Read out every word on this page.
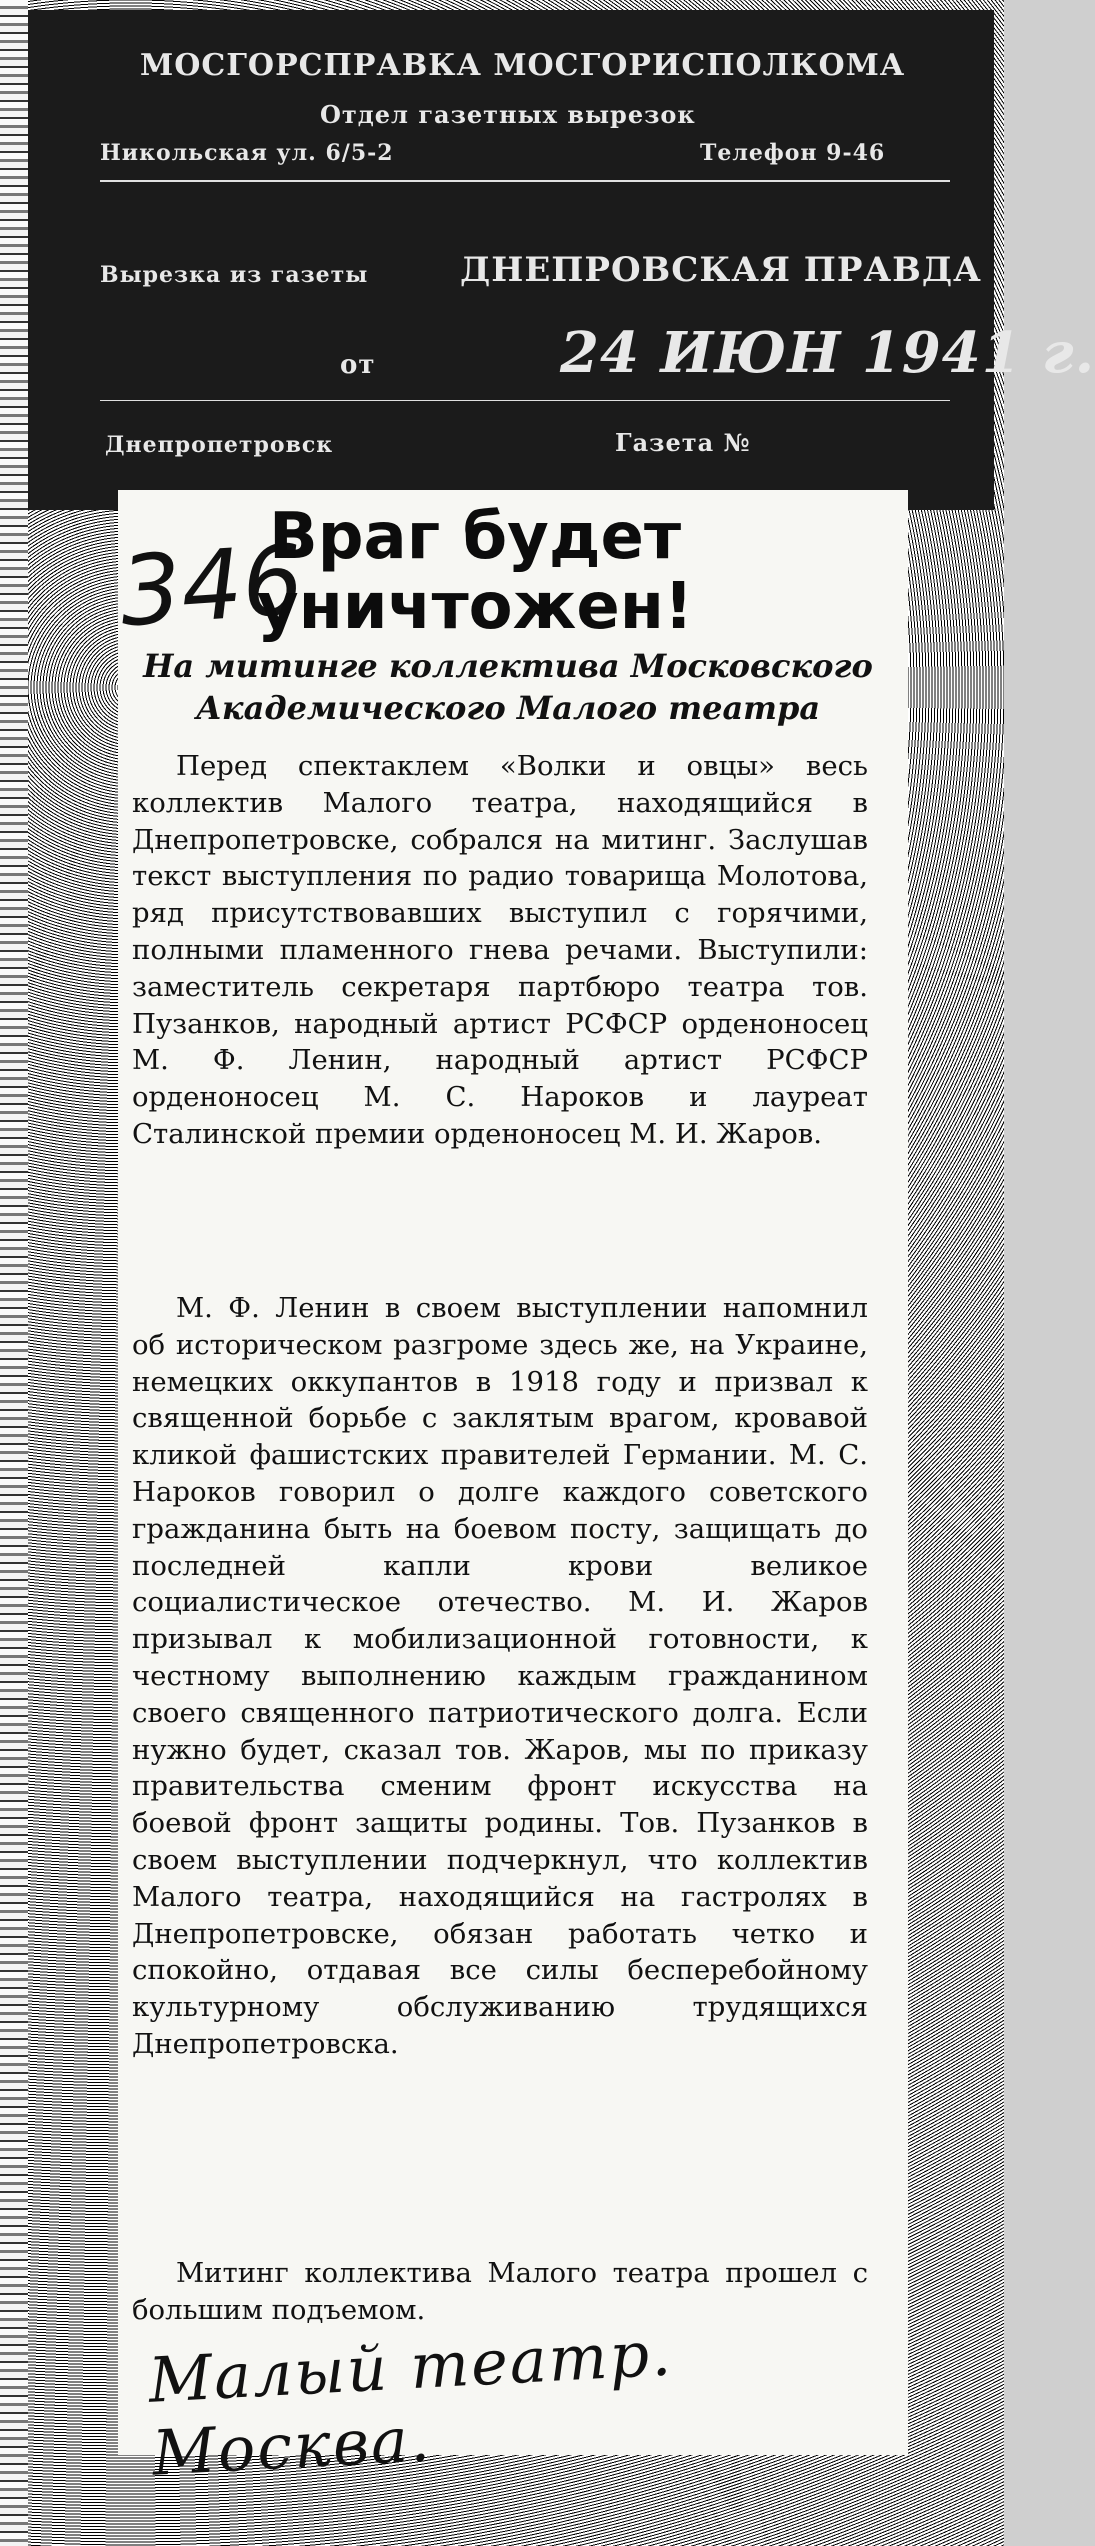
МОСГОРСПРАВКА МОСГОРИСПОЛКОМА
Отдел газетных вырезок
Никольская ул. 6/5-2	Телефон 9-46
Вырезка из газеты	ДНЕПРОВСКАЯ ПРАВДА
от	24 ИЮН 1941 г.
Днепропетровск	Газета №
346
Враг будет
уничтожен!
На митинге коллектива Московского
Академического Малого театра

Перед спектаклем «Волки и овцы» весь коллектив Малого театра, находящийся в Днепропетровске, собрался на митинг. Заслушав текст выступления по радио товарища Молотова, ряд присутствовавших выступил с горячими, полными пламенного гнева речами. Выступили: заместитель секретаря партбюро театра тов. Пузанков, народный артист РСФСР орденоносец М. Ф. Ленин, народный артист РСФСР орденоносец М. С. Нароков и лауреат Сталинской премии орденоносец М. И. Жаров.

М. Ф. Ленин в своем выступлении напомнил об историческом разгроме здесь же, на Украине, немецких оккупантов в 1918 году и призвал к священной борьбе с заклятым врагом, кровавой кликой фашистских правителей Германии. М. С. Нароков говорил о долге каждого советского гражданина быть на боевом посту, защищать до последней капли крови великое социалистическое отечество. М. И. Жаров призывал к мобилизационной готовности, к честному выполнению каждым гражданином своего священного патриотического долга. Если нужно будет, сказал тов. Жаров, мы по приказу правительства сменим фронт искусства на боевой фронт защиты родины. Тов. Пузанков в своем выступлении подчеркнул, что коллектив Малого театра, находящийся на гастролях в Днепропетровске, обязан работать четко и спокойно, отдавая все силы бесперебойному культурному обслуживанию трудящихся Днепропетровска.

Митинг коллектива Малого театра прошел с большим подъемом.

Малый театр. Москва.
